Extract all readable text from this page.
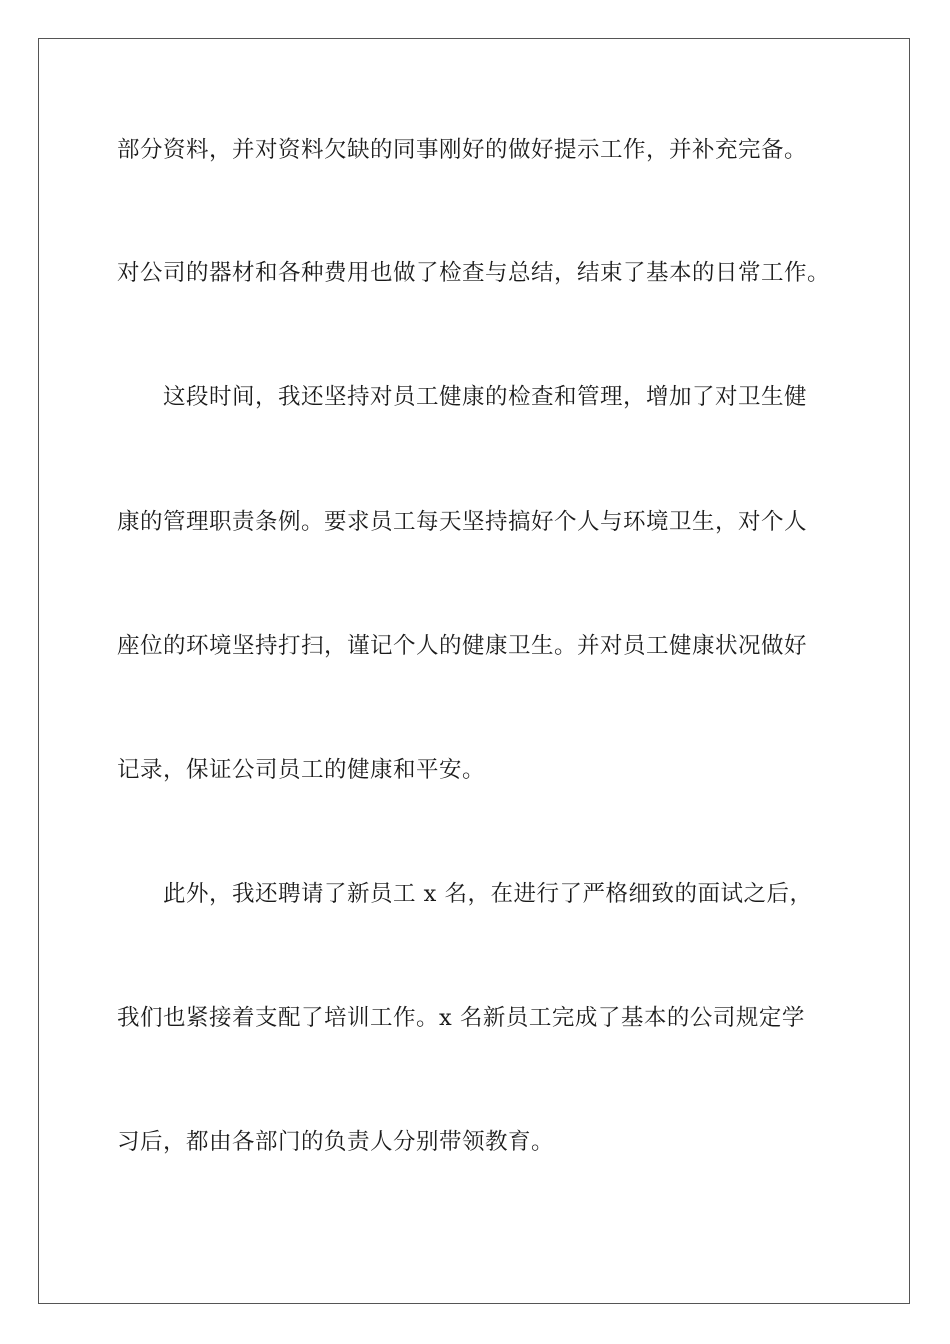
部分资料，并对资料欠缺的同事刚好的做好提示工作，并补充完备。
对公司的器材和各种费用也做了检查与总结，结束了基本的日常工作。
这段时间，我还坚持对员工健康的检查和管理，增加了对卫生健
康的管理职责条例。要求员工每天坚持搞好个人与环境卫生，对个人
座位的环境坚持打扫，谨记个人的健康卫生。并对员工健康状况做好
记录，保证公司员工的健康和平安。
此外，我还聘请了新员工 x 名，在进行了严格细致的面试之后，
我们也紧接着支配了培训工作。x 名新员工完成了基本的公司规定学
习后，都由各部门的负责人分别带领教育。
